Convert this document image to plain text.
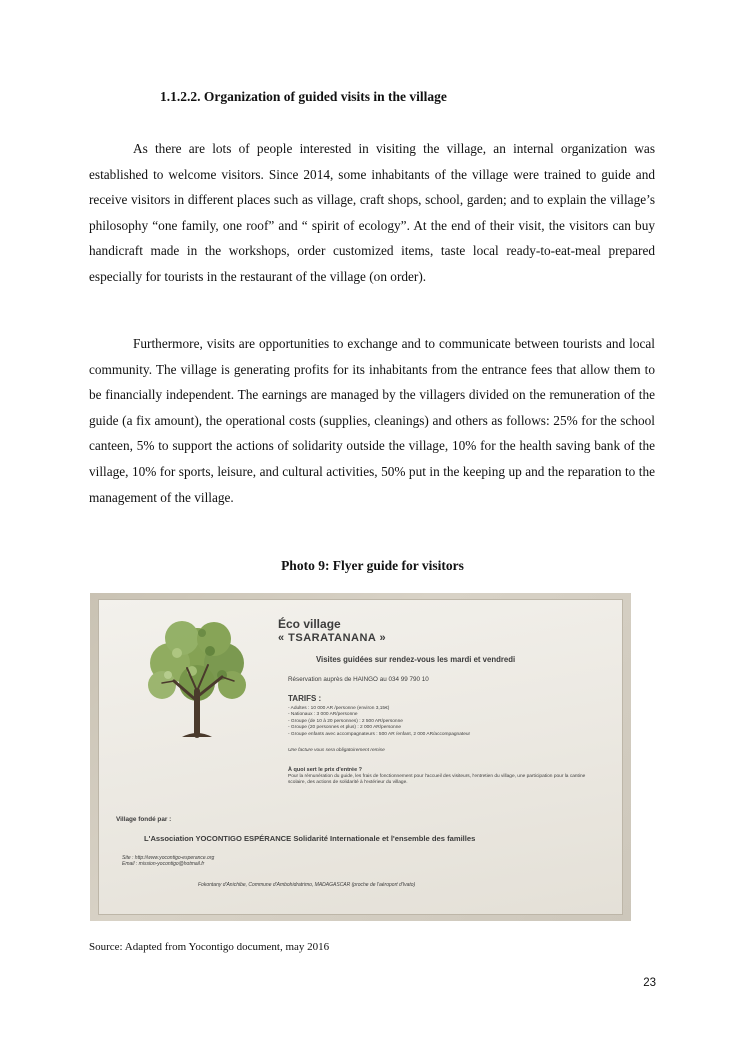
1.1.2.2. Organization of guided visits in the village

As there are lots of people interested in visiting the village, an internal organization was established to welcome visitors. Since 2014, some inhabitants of the village were trained to guide and receive visitors in different places such as village, craft shops, school, garden; and to explain the village’s philosophy “one family, one roof” and “ spirit of ecology”. At the end of their visit, the visitors can buy handicraft made in the workshops, order customized items, taste local ready-to-eat-meal prepared especially for tourists in the restaurant of the village (on order).

Furthermore, visits are opportunities to exchange and to communicate between tourists and local community. The village is generating profits for its inhabitants from the entrance fees that allow them to be financially independent. The earnings are managed by the villagers divided on the remuneration of the guide (a fix amount), the operational costs (supplies, cleanings) and others as follows: 25% for the school canteen, 5% to support the actions of solidarity outside the village, 10% for the health saving bank of the village, 10% for sports, leisure, and cultural activities, 50% put in the keeping up and the reparation to the management of the village.

Photo 9: Flyer guide for visitors
Éco village
« TSARATANANA »
Visites guidées sur rendez-vous les mardi et vendredi
Réservation auprès de HAINGO au 034 99 790 10
TARIFS :
- Adultes : 10 000 AR /personne (environ 3,15€)
- Nationaux : 3 000 AR/personne
- Groupe (de 10 à 20 personnes) : 2 500 AR/personne
- Groupe (20 personnes et plus) : 2 000 AR/personne
- Groupe enfants avec accompagnateurs : 500 AR /enfant, 2 000 AR/accompagnateur
Une facture vous sera obligatoirement remise
À quoi sert le prix d'entrée ?
Pour la rémunération du guide, les frais de fonctionnement pour l'accueil des visiteurs, l'entretien du village, une participation pour la cantine scolaire, des actions de solidarité à l'extérieur du village.
Village fondé par :
L'Association YOCONTIGO ESPÉRANCE Solidarité Internationale et l'ensemble des familles
Site : http://www.yocontigo-esperance.org
Email : mission-yocontigo@hotmail.fr
Fokontany d'Anichibe, Commune d'Ambohidratrimo, MADAGASCAR (proche de l'aéroport d'Ivato)
Source: Adapted from Yocontigo document, may 2016
23
